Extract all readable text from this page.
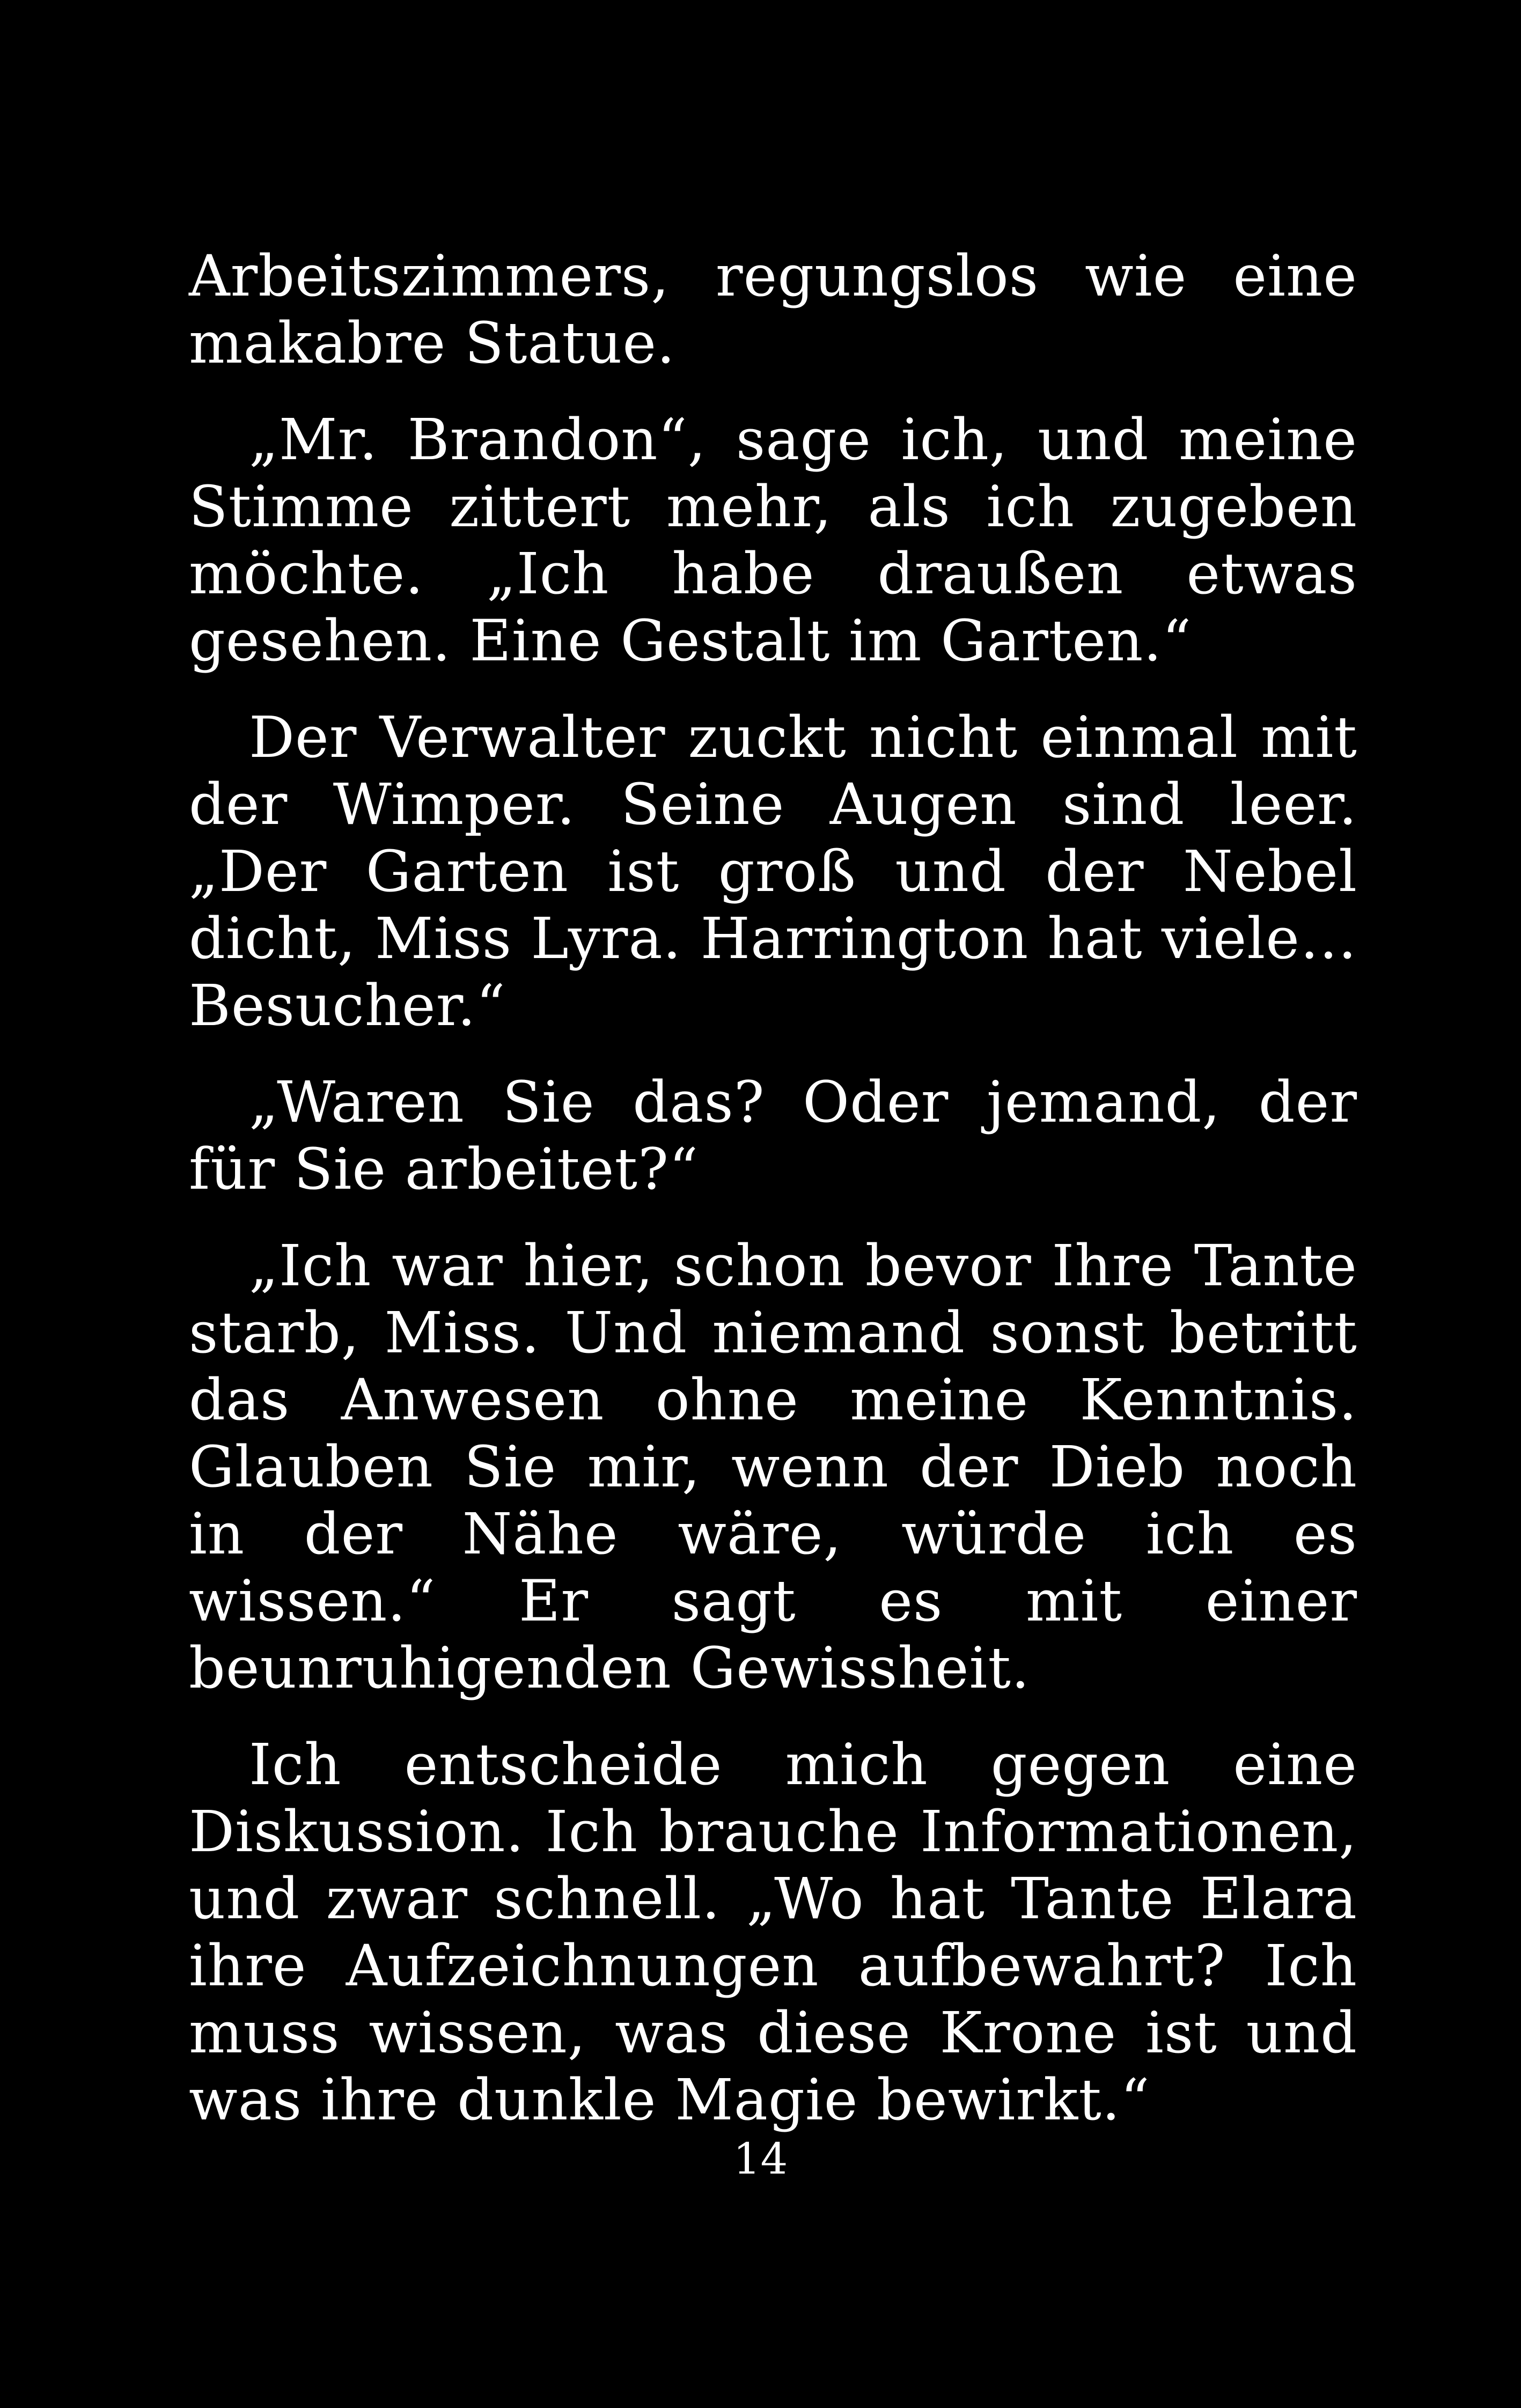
Arbeitszimmers, regungslos wie eine makabre Statue.

„Mr. Brandon“, sage ich, und meine Stimme zittert mehr, als ich zugeben möchte. „Ich habe draußen etwas gesehen. Eine Gestalt im Garten.“

Der Verwalter zuckt nicht einmal mit der Wimper. Seine Augen sind leer. „Der Garten ist groß und der Nebel dicht, Miss Lyra. Harrington hat viele… Besucher.“

„Waren Sie das? Oder jemand, der für Sie arbeitet?“

„Ich war hier, schon bevor Ihre Tante starb, Miss. Und niemand sonst betritt das Anwesen ohne meine Kenntnis. Glauben Sie mir, wenn der Dieb noch in der Nähe wäre, würde ich es wissen.“ Er sagt es mit einer beunruhigenden Gewissheit.

Ich entscheide mich gegen eine Diskussion. Ich brauche Informationen, und zwar schnell. „Wo hat Tante Elara ihre Aufzeichnungen aufbewahrt? Ich muss wissen, was diese Krone ist und was ihre dunkle Magie bewirkt.“

14
